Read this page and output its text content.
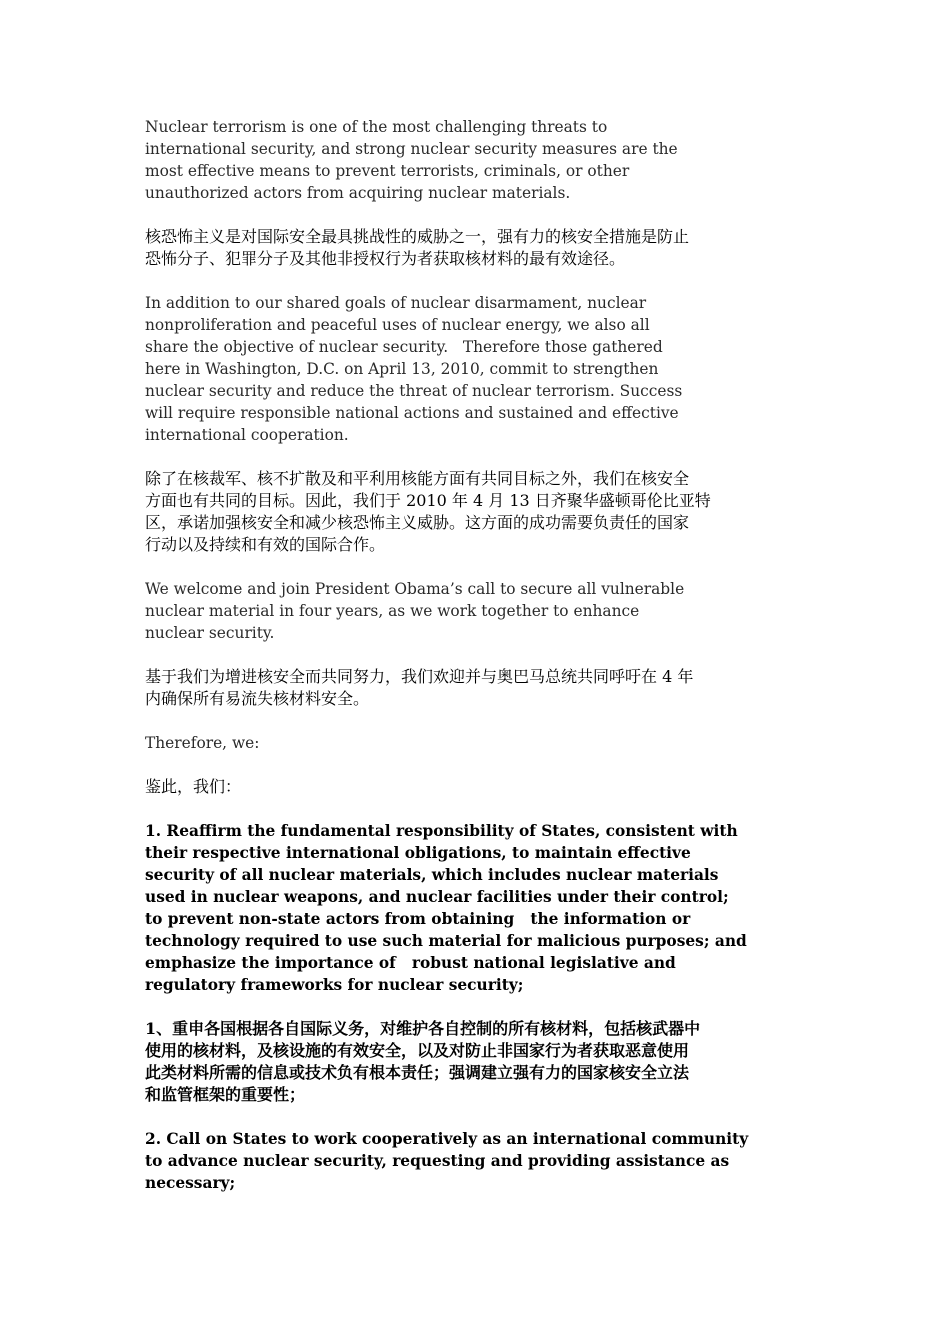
Nuclear terrorism is one of the most challenging threats to

international security, and strong nuclear security measures are the

most effective means to prevent terrorists, criminals, or other

unauthorized actors from acquiring nuclear materials.

核恐怖主义是对国际安全最具挑战性的威胁之一，强有力的核安全措施是防止

恐怖分子、犯罪分子及其他非授权行为者获取核材料的最有效途径。

In addition to our shared goals of nuclear disarmament, nuclear

nonproliferation and peaceful uses of nuclear energy, we also all

share the objective of nuclear security.   Therefore those gathered

here in Washington, D.C. on April 13, 2010, commit to strengthen

nuclear security and reduce the threat of nuclear terrorism. Success

will require responsible national actions and sustained and effective

international cooperation.

除了在核裁军、核不扩散及和平利用核能方面有共同目标之外，我们在核安全

方面也有共同的目标。因此，我们于 2010 年 4 月 13 日齐聚华盛顿哥伦比亚特

区，承诺加强核安全和减少核恐怖主义威胁。这方面的成功需要负责任的国家

行动以及持续和有效的国际合作。

We welcome and join President Obama’s call to secure all vulnerable

nuclear material in four years, as we work together to enhance

nuclear security.

基于我们为增进核安全而共同努力，我们欢迎并与奥巴马总统共同呼吁在 4 年

内确保所有易流失核材料安全。

Therefore, we:

鉴此，我们：

1. Reaffirm the fundamental responsibility of States, consistent with

their respective international obligations, to maintain effective

security of all nuclear materials, which includes nuclear materials

used in nuclear weapons, and nuclear facilities under their control;

to prevent non-state actors from obtaining   the information or

technology required to use such material for malicious purposes; and

emphasize the importance of   robust national legislative and

regulatory frameworks for nuclear security;

1、重申各国根据各自国际义务，对维护各自控制的所有核材料，包括核武器中

使用的核材料，及核设施的有效安全，以及对防止非国家行为者获取恶意使用

此类材料所需的信息或技术负有根本责任；强调建立强有力的国家核安全立法

和监管框架的重要性；

2. Call on States to work cooperatively as an international community

to advance nuclear security, requesting and providing assistance as

necessary;
